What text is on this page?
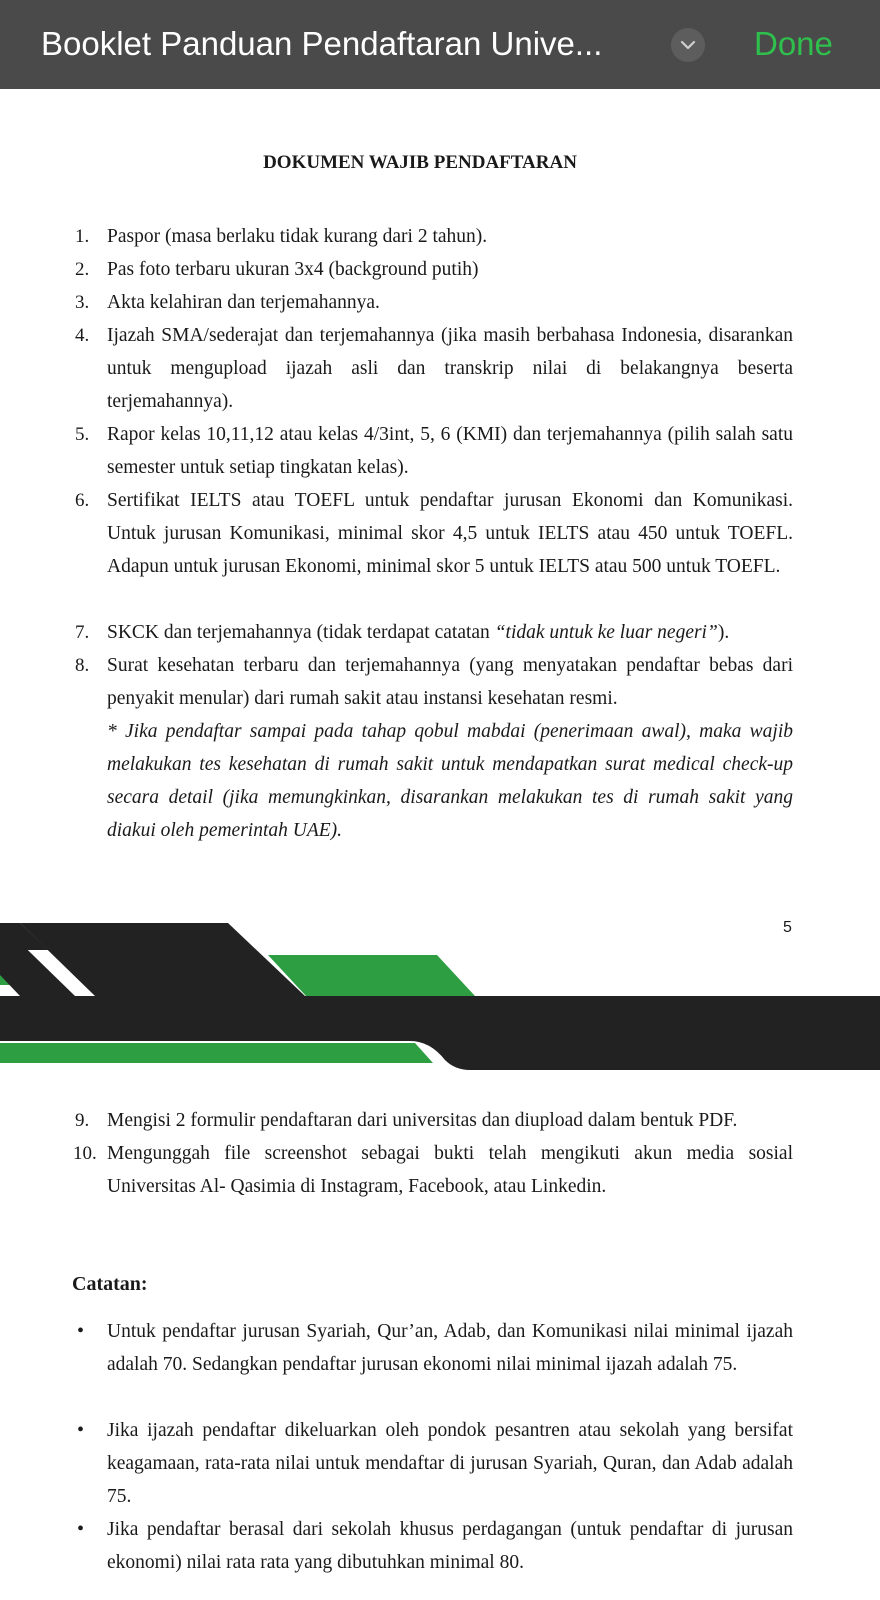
Booklet Panduan Pendaftaran Unive...	Done
DOKUMEN WAJIB PENDAFTARAN
1. Paspor (masa berlaku tidak kurang dari 2 tahun).
2. Pas foto terbaru ukuran 3x4 (background putih)
3. Akta kelahiran dan terjemahannya.
4. Ijazah SMA/sederajat dan terjemahannya (jika masih berbahasa Indonesia, disarankan untuk mengupload ijazah asli dan transkrip nilai di belakangnya beserta terjemahannya).
5. Rapor kelas 10,11,12 atau kelas 4/3int, 5, 6 (KMI) dan terjemahannya (pilih salah satu semester untuk setiap tingkatan kelas).
6. Sertifikat IELTS atau TOEFL untuk pendaftar jurusan Ekonomi dan Komunikasi. Untuk jurusan Komunikasi, minimal skor 4,5 untuk IELTS atau 450 untuk TOEFL. Adapun untuk jurusan Ekonomi, minimal skor 5 untuk IELTS atau 500 untuk TOEFL.
7. SKCK dan terjemahannya (tidak terdapat catatan “tidak untuk ke luar negeri”).
8. Surat kesehatan terbaru dan terjemahannya (yang menyatakan pendaftar bebas dari penyakit menular) dari rumah sakit atau instansi kesehatan resmi.
* Jika pendaftar sampai pada tahap qobul mabdai (penerimaan awal), maka wajib melakukan tes kesehatan di rumah sakit untuk mendapatkan surat medical check-up secara detail (jika memungkinkan, disarankan melakukan tes di rumah sakit yang diakui oleh pemerintah UAE).
5
9. Mengisi 2 formulir pendaftaran dari universitas dan diupload dalam bentuk PDF.
10. Mengunggah file screenshot sebagai bukti telah mengikuti akun media sosial Universitas Al- Qasimia di Instagram, Facebook, atau Linkedin.
Catatan:
• Untuk pendaftar jurusan Syariah, Qur’an, Adab, dan Komunikasi nilai minimal ijazah adalah 70. Sedangkan pendaftar jurusan ekonomi nilai minimal ijazah adalah 75.
• Jika ijazah pendaftar dikeluarkan oleh pondok pesantren atau sekolah yang bersifat keagamaan, rata-rata nilai untuk mendaftar di jurusan Syariah, Quran, dan Adab adalah 75.
• Jika pendaftar berasal dari sekolah khusus perdagangan (untuk pendaftar di jurusan ekonomi) nilai rata rata yang dibutuhkan minimal 80.
